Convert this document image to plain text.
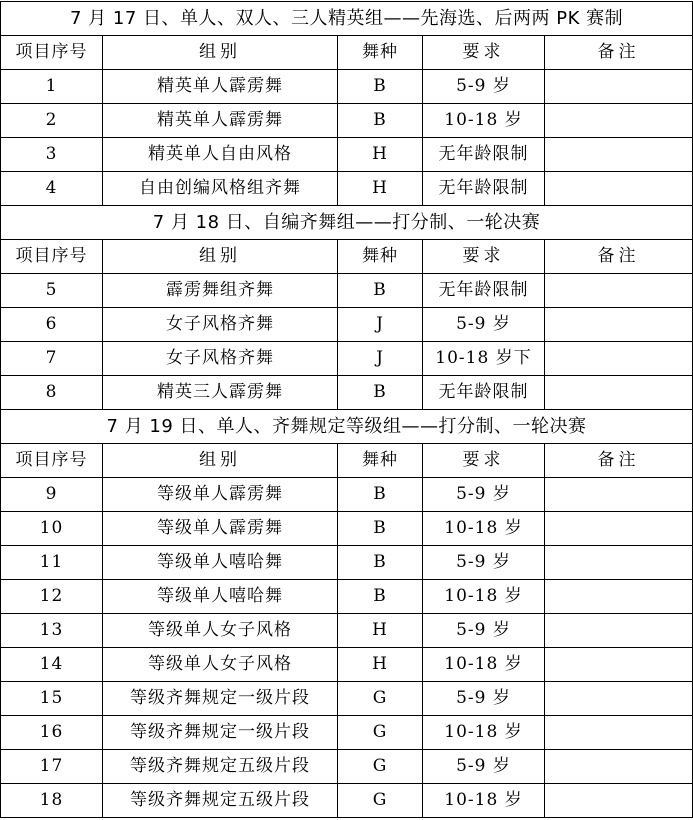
7 月 17 日、单人、双人、三人精英组——先海选、后两两 PK 赛制				
项目序号	组别	舞种	要求	备注
1	精英单人霹雳舞	B	5-9 岁	
2	精英单人霹雳舞	B	10-18 岁	
3	精英单人自由风格	H	无年龄限制	
4	自由创编风格组齐舞	H	无年龄限制	
7 月 18 日、自编齐舞组——打分制、一轮决赛				
项目序号	组别	舞种	要求	备注
5	霹雳舞组齐舞	B	无年龄限制	
6	女子风格齐舞	J	5-9 岁	
7	女子风格齐舞	J	10-18 岁下	
8	精英三人霹雳舞	B	无年龄限制	
7 月 19 日、单人、齐舞规定等级组——打分制、一轮决赛				
项目序号	组别	舞种	要求	备注
9	等级单人霹雳舞	B	5-9 岁	
10	等级单人霹雳舞	B	10-18 岁	
11	等级单人嘻哈舞	B	5-9 岁	
12	等级单人嘻哈舞	B	10-18 岁	
13	等级单人女子风格	H	5-9 岁	
14	等级单人女子风格	H	10-18 岁	
15	等级齐舞规定一级片段	G	5-9 岁	
16	等级齐舞规定一级片段	G	10-18 岁	
17	等级齐舞规定五级片段	G	5-9 岁	
18	等级齐舞规定五级片段	G	10-18 岁	
